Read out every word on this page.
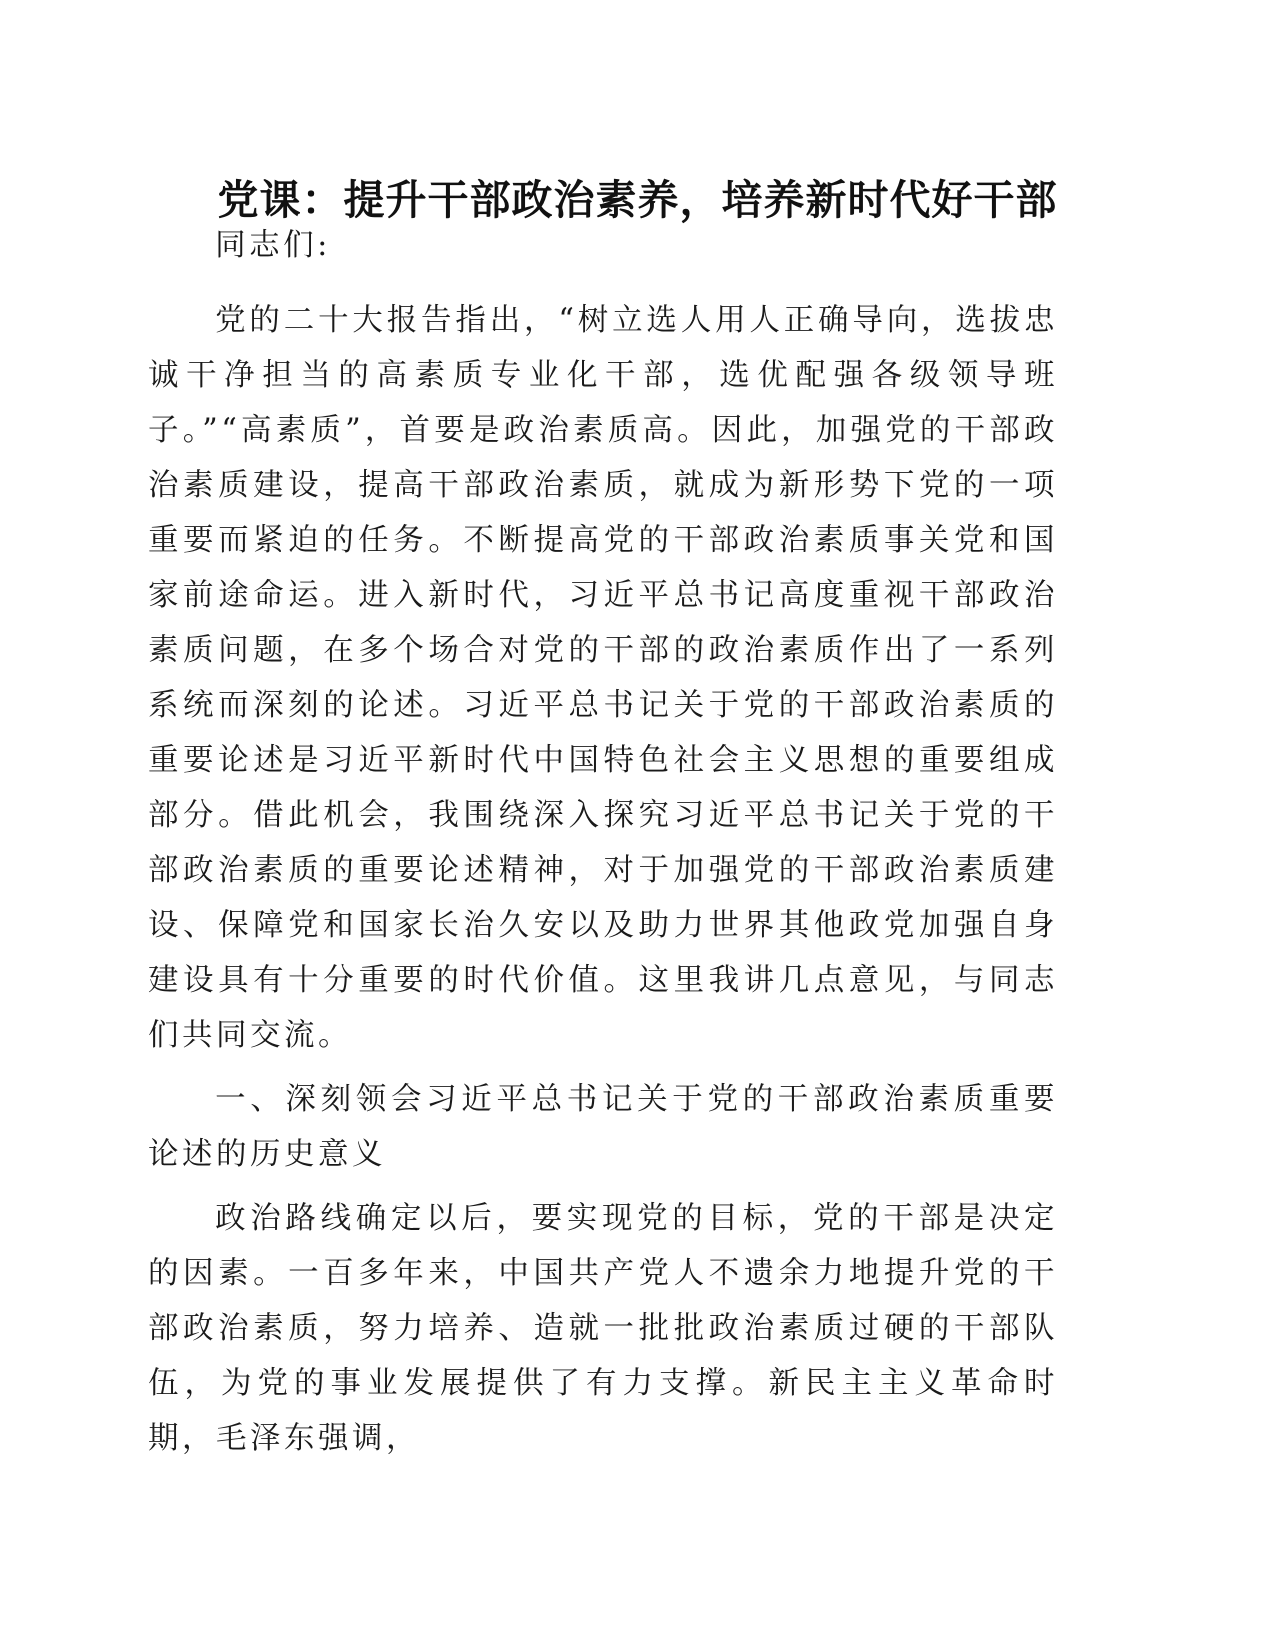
党课：提升干部政治素养，培养新时代好干部

同志们:

党的二十大报告指出，“树立选人用人正确导向，选拔忠诚干净担当的高素质专业化干部，选优配强各级领导班子。”“高素质”，首要是政治素质高。因此，加强党的干部政治素质建设，提高干部政治素质，就成为新形势下党的一项重要而紧迫的任务。不断提高党的干部政治素质事关党和国家前途命运。进入新时代，习近平总书记高度重视干部政治素质问题，在多个场合对党的干部的政治素质作出了一系列系统而深刻的论述。习近平总书记关于党的干部政治素质的重要论述是习近平新时代中国特色社会主义思想的重要组成部分。借此机会，我围绕深入探究习近平总书记关于党的干部政治素质的重要论述精神，对于加强党的干部政治素质建设、保障党和国家长治久安以及助力世界其他政党加强自身建设具有十分重要的时代价值。这里我讲几点意见，与同志们共同交流。

一、深刻领会习近平总书记关于党的干部政治素质重要论述的历史意义

政治路线确定以后，要实现党的目标，党的干部是决定的因素。一百多年来，中国共产党人不遗余力地提升党的干部政治素质，努力培养、造就一批批政治素质过硬的干部队伍，为党的事业发展提供了有力支撑。新民主主义革命时期，毛泽东强调，
